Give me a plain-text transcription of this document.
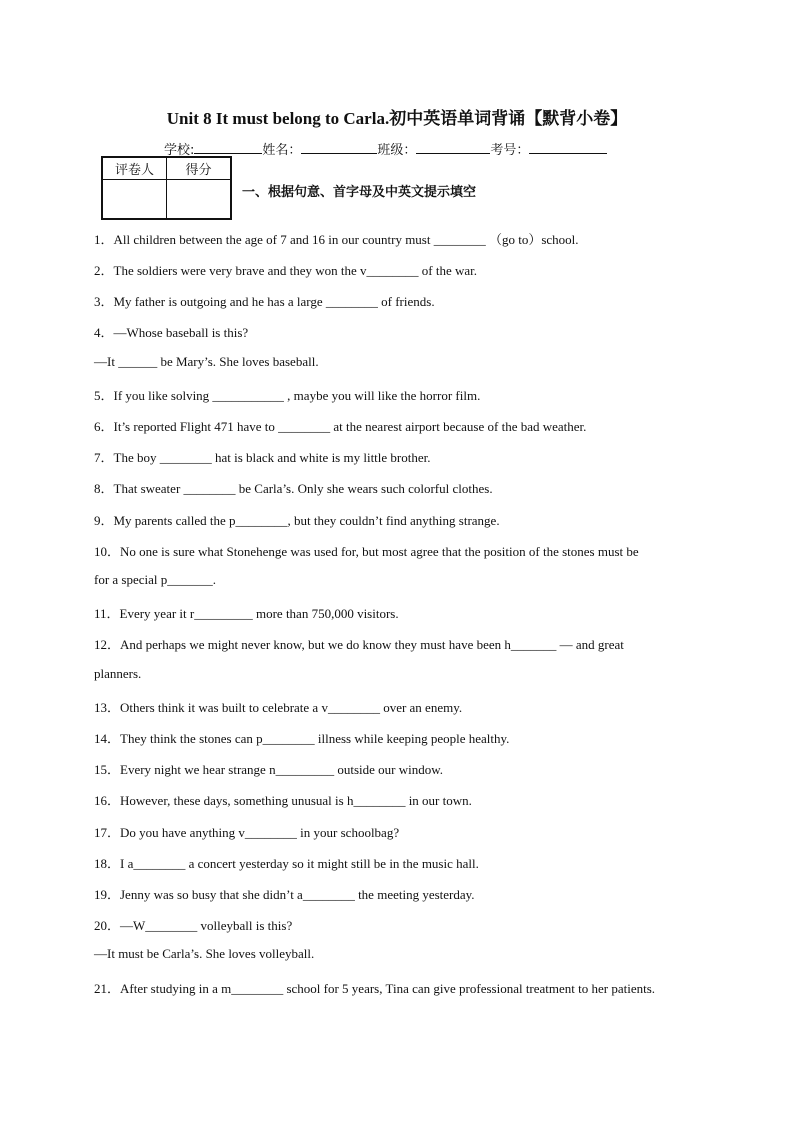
Unit 8 It must belong to Carla.初中英语单词背诵【默背小卷】
学校:	姓名：	班级：	考号：
评卷人	得分

一、根据句意、首字母及中英文提示填空
1．All children between the age of 7 and 16 in our country must ________ （go to）school.
2．The soldiers were very brave and they won the v________ of the war.
3．My father is outgoing and he has a large ________ of friends.
4．—Whose baseball is this?
—It ______ be Mary’s. She loves baseball.
5．If you like solving ___________ , maybe you will like the horror film.
6．It’s reported Flight 471 have to ________ at the nearest airport because of the bad weather.
7．The boy ________ hat is black and white is my little brother.
8．That sweater ________ be Carla’s. Only she wears such colorful clothes.
9．My parents called the p________, but they couldn’t find anything strange.
10．No one is sure what Stonehenge was used for, but most agree that the position of the stones must be
for a special p_______.
11．Every year it r_________ more than 750,000 visitors.
12．And perhaps we might never know, but we do know they must have been h_______ — and great
planners.
13．Others think it was built to celebrate a v________ over an enemy.
14．They think the stones can p________ illness while keeping people healthy.
15．Every night we hear strange n_________ outside our window.
16．However, these days, something unusual is h________ in our town.
17．Do you have anything v________ in your schoolbag?
18．I a________ a concert yesterday so it might still be in the music hall.
19．Jenny was so busy that she didn’t a________ the meeting yesterday.
20．—W________ volleyball is this?
—It must be Carla’s. She loves volleyball.
21．After studying in a m________ school for 5 years, Tina can give professional treatment to her patients.
